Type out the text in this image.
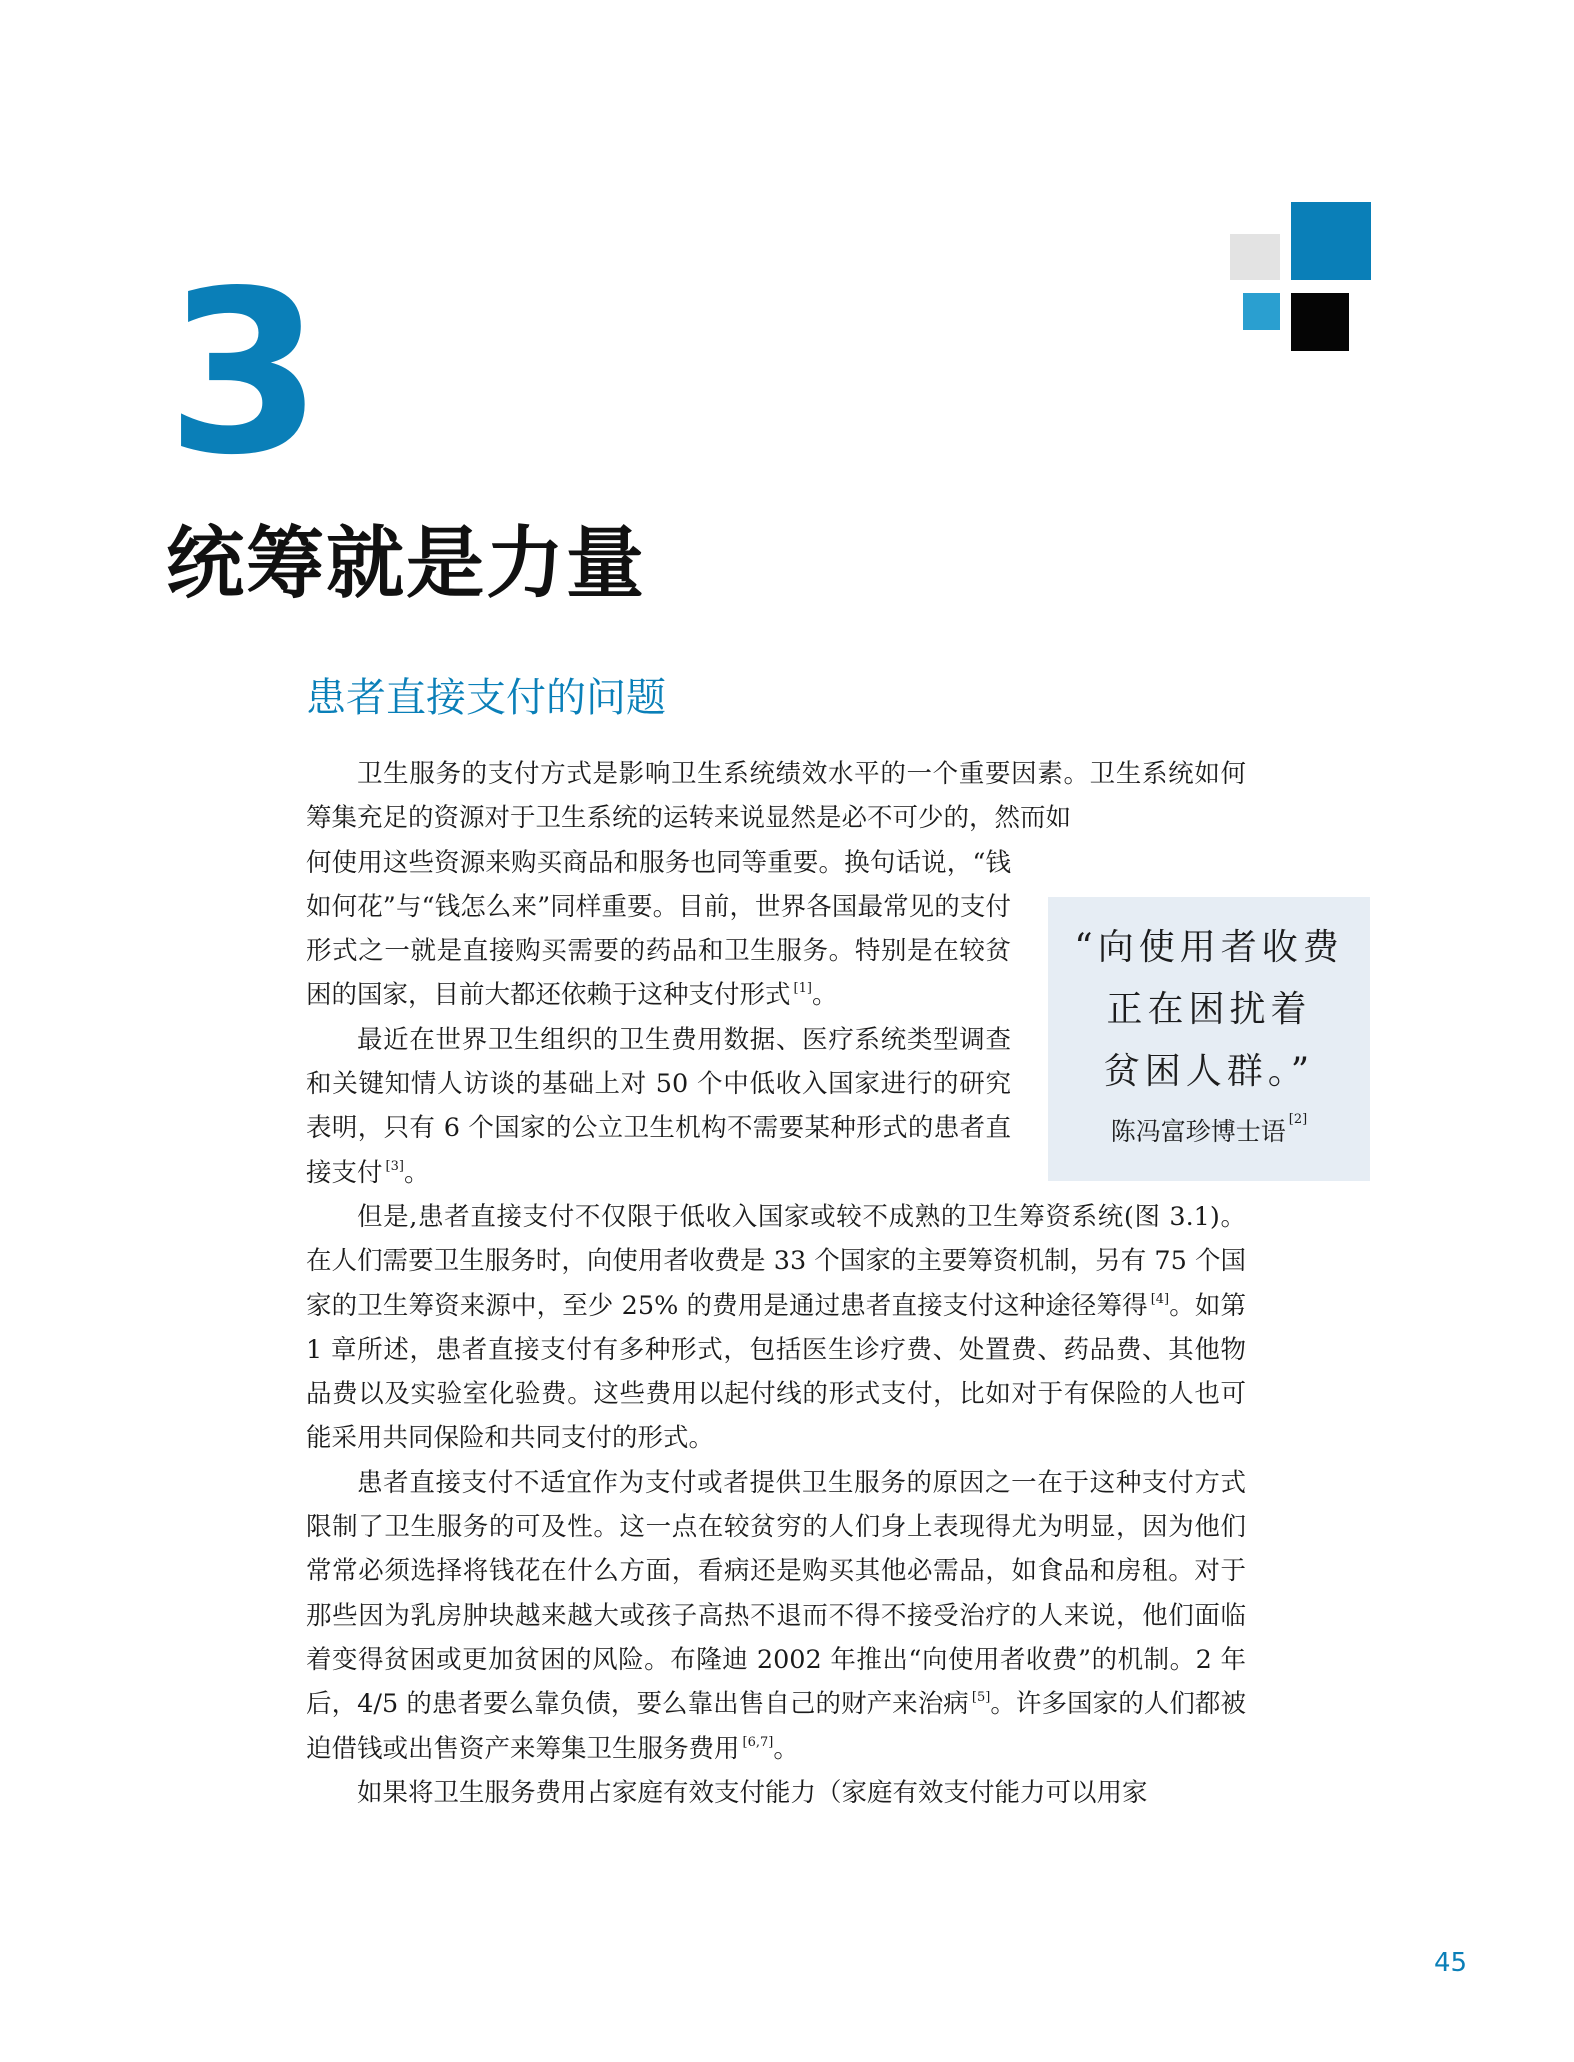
3
统筹就是力量
患者直接支付的问题
“向使用者收费
正在困扰着
贫困人群。”
陈冯富珍博士语 [2]

卫生服务的支付方式是影响卫生系统绩效水平的一个重要因素。卫生系统如何筹集充足的资源对于卫生系统的运转来说显然是必不可少的，然而如

何使用这些资源来购买商品和服务也同等重要。换句话说，“钱如何花”与“钱怎么来”同样重要。目前，世界各国最常见的支付形式之一就是直接购买需要的药品和卫生服务。特别是在较贫困的国家，目前大都还依赖于这种支付形式 [1]。

最近在世界卫生组织的卫生费用数据、医疗系统类型调查和关键知情人访谈的基础上对 50 个中低收入国家进行的研究表明，只有 6 个国家的公立卫生机构不需要某种形式的患者直接支付 [3]。

但是,患者直接支付不仅限于低收入国家或较不成熟的卫生筹资系统(图 3.1)。在人们需要卫生服务时，向使用者收费是 33 个国家的主要筹资机制，另有 75 个国家的卫生筹资来源中，至少 25% 的费用是通过患者直接支付这种途径筹得 [4]。如第 1 章所述，患者直接支付有多种形式，包括医生诊疗费、处置费、药品费、其他物品费以及实验室化验费。这些费用以起付线的形式支付，比如对于有保险的人也可能采用共同保险和共同支付的形式。

患者直接支付不适宜作为支付或者提供卫生服务的原因之一在于这种支付方式限制了卫生服务的可及性。这一点在较贫穷的人们身上表现得尤为明显，因为他们常常必须选择将钱花在什么方面，看病还是购买其他必需品，如食品和房租。对于那些因为乳房肿块越来越大或孩子高热不退而不得不接受治疗的人来说，他们面临着变得贫困或更加贫困的风险。布隆迪 2002 年推出“向使用者收费”的机制。2 年后，4/5 的患者要么靠负债，要么靠出售自己的财产来治病 [5]。许多国家的人们都被迫借钱或出售资产来筹集卫生服务费用 [6,7]。

如果将卫生服务费用占家庭有效支付能力（家庭有效支付能力可以用家

45
